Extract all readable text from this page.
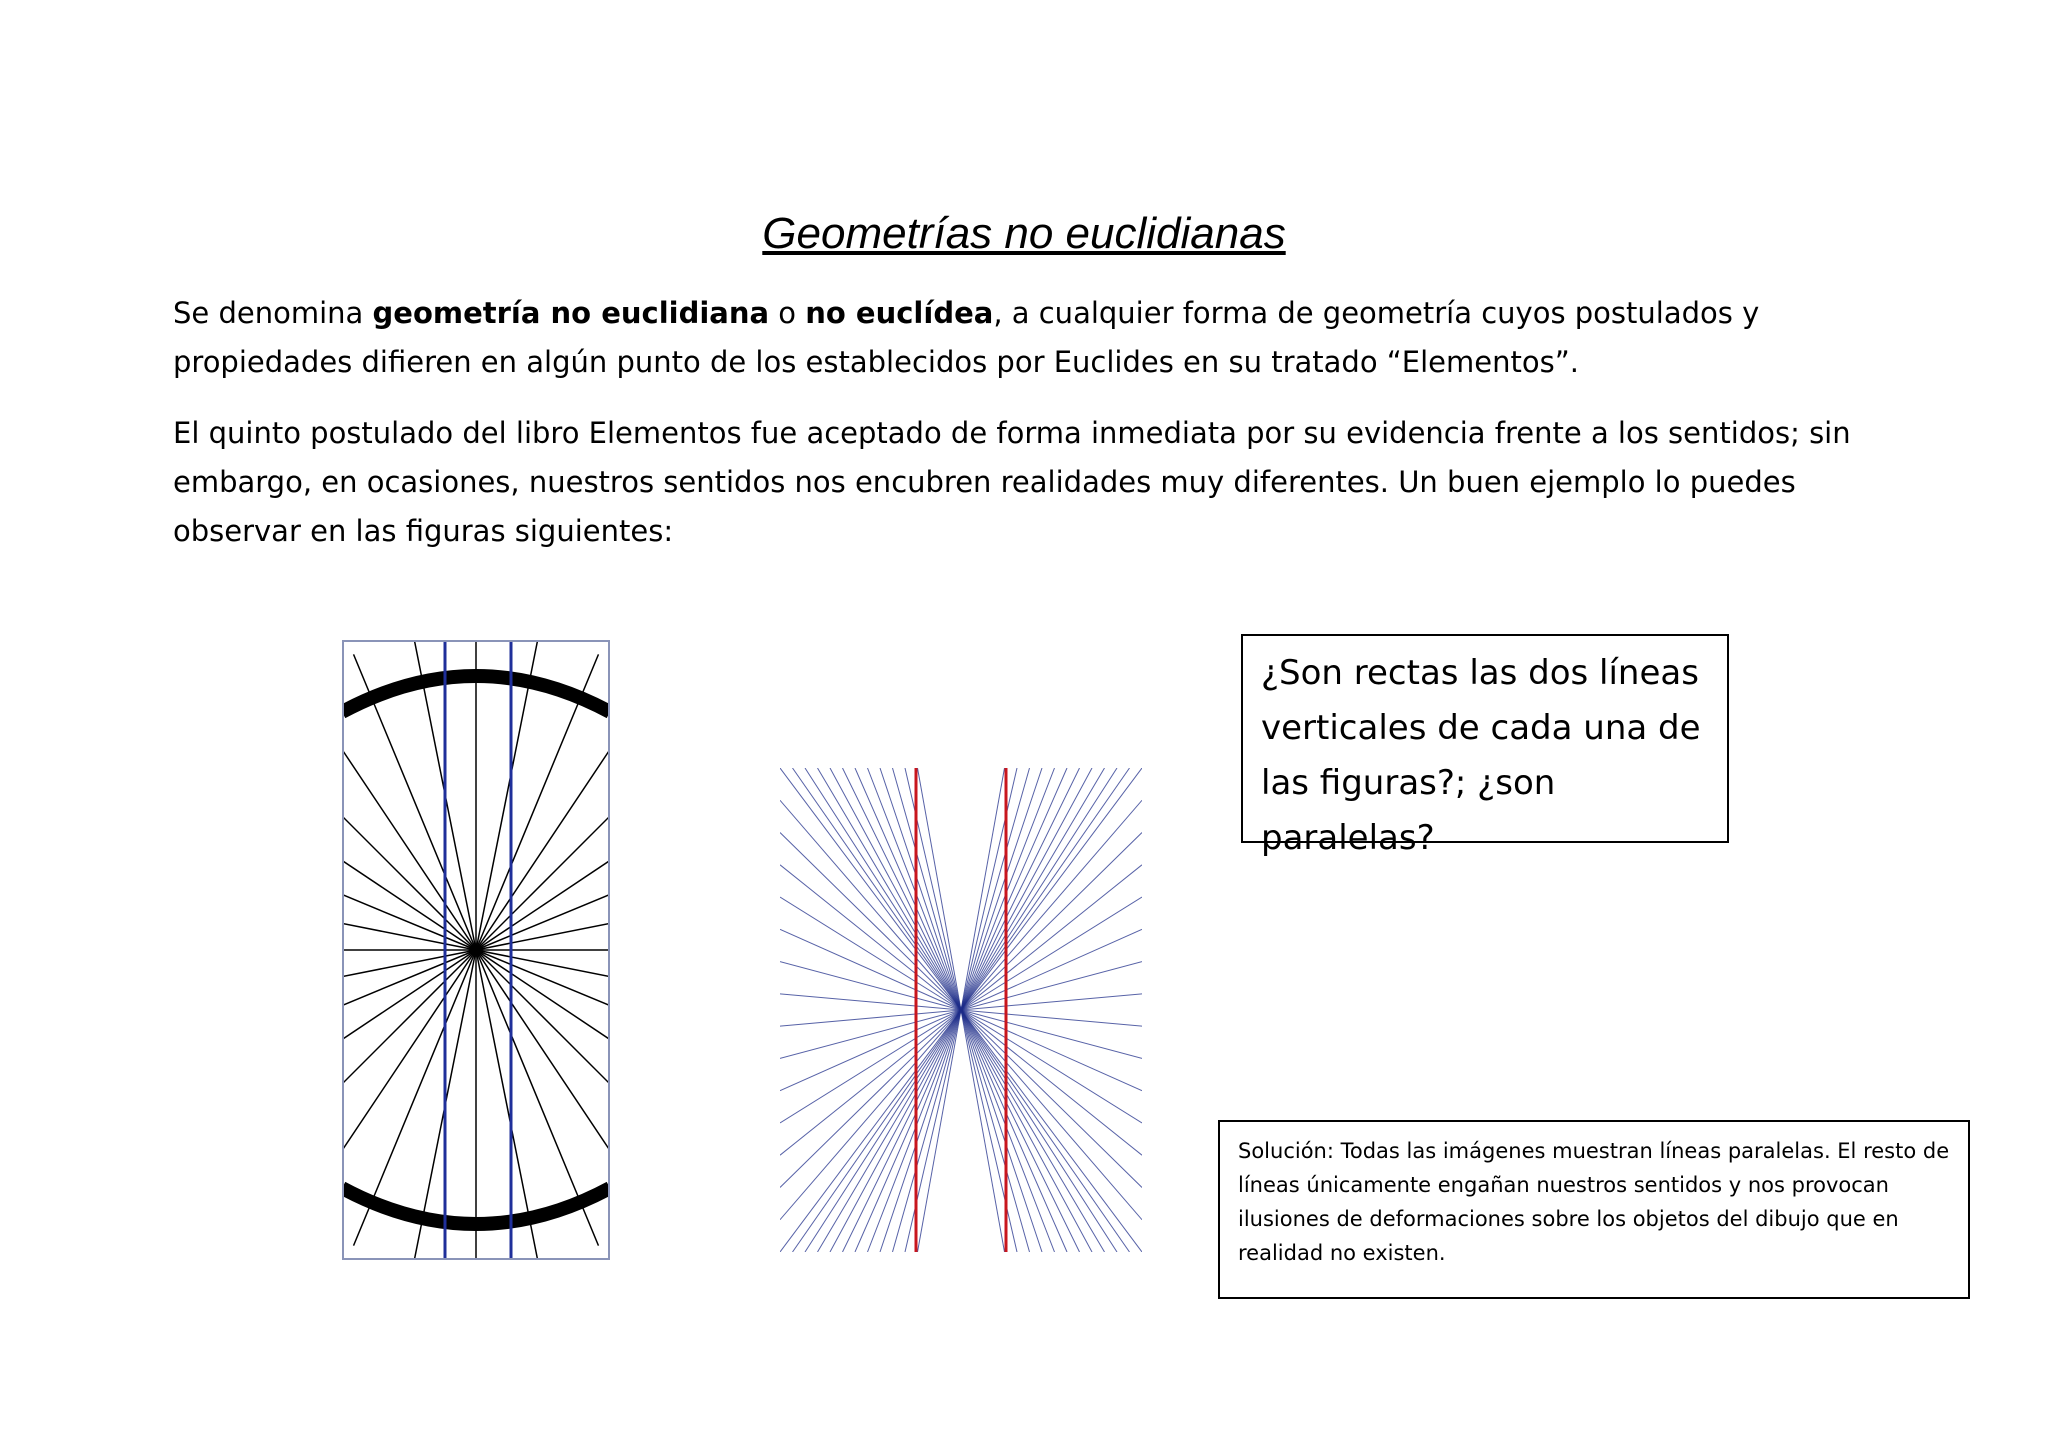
Geometrías no euclidianas

Se denomina geometría no euclidiana o no euclídea, a cualquier forma de geometría cuyos postulados y propiedades difieren en algún punto de los establecidos por Euclides en su tratado “Elementos”.

El quinto postulado del libro Elementos fue aceptado de forma inmediata por su evidencia frente a los sentidos; sin embargo, en ocasiones, nuestros sentidos nos encubren realidades muy diferentes. Un buen ejemplo lo puedes observar en las figuras siguientes:

¿Son rectas las dos líneas verticales de cada una de las figuras?; ¿son paralelas?
Solución: Todas las imágenes muestran líneas paralelas. El resto de líneas únicamente engañan nuestros sentidos y nos provocan ilusiones de deformaciones sobre los objetos del dibujo que en realidad no existen.
